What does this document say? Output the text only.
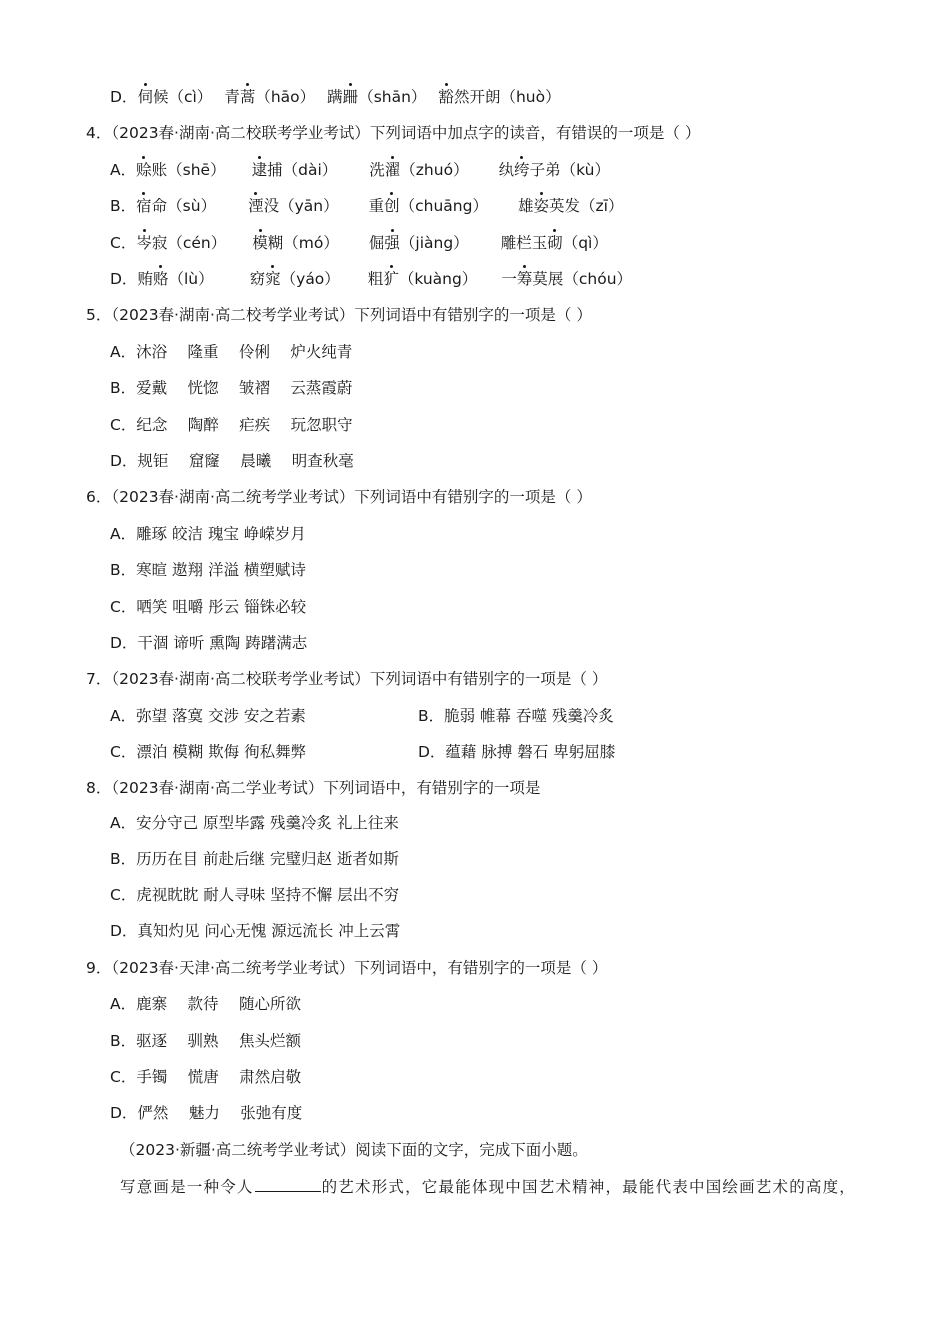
D．伺候（cì） 青蒿（hāo） 蹒跚（shān） 豁然开朗（huò）
4．（2023春·湖南·高二校联考学业考试）下列词语中加点字的读音，有错误的一项是（ ）
A．赊账（shē） 逮捕（dài） 洗濯（zhuó） 纨绔子弟（kù）
B．宿命（sù） 湮没（yān） 重创（chuāng） 雄姿英发（zī）
C．岑寂（cén） 模糊（mó） 倔强（jiàng） 雕栏玉砌（qì）
D．贿赂（lù） 窈窕（yáo） 粗犷（kuàng） 一筹莫展（chóu）
5．（2023春·湖南·高二校考学业考试）下列词语中有错别字的一项是（ ）
A．沐浴　 隆重　 伶俐　 炉火纯青
B．爱戴　 恍惚　 皱褶　 云蒸霞蔚
C．纪念　 陶醉　 疟疾　 玩忽职守
D．规钜　 窟窿　 晨曦　 明查秋毫
6．（2023春·湖南·高二统考学业考试）下列词语中有错别字的一项是（ ）
A．雕琢 皎洁 瑰宝 峥嵘岁月
B．寒暄 遨翔 洋溢 横塑赋诗
C．哂笑 咀嚼 彤云 锱铢必较
D．干涸 谛听 熏陶 踌躇满志
7．（2023春·湖南·高二校联考学业考试）下列词语中有错别字的一项是（ ）
A．弥望 落寞 交涉 安之若素	B．脆弱 帷幕 吞噬 残羹冷炙
C．漂泊 模糊 欺侮 徇私舞弊	D．蕴藉 脉搏 磐石 卑躬屈膝
8．（2023春·湖南·高二学业考试）下列词语中，有错别字的一项是
A．安分守己 原型毕露 残羹冷炙 礼上往来
B．历历在目 前赴后继 完璧归赵 逝者如斯
C．虎视眈眈 耐人寻味 坚持不懈 层出不穷
D．真知灼见 问心无愧 源远流长 冲上云霄
9．（2023春·天津·高二统考学业考试）下列词语中，有错别字的一项是（ ）
A．鹿寨　 款待　 随心所欲
B．驱逐　 驯熟　 焦头烂额
C．手镯　 慌唐　 肃然启敬
D．俨然　 魅力　 张弛有度
（2023·新疆·高二统考学业考试）阅读下面的文字，完成下面小题。
写意画是一种令人	的艺术形式，它最能体现中国艺术精神，最能代表中国绘画艺术的高度，
